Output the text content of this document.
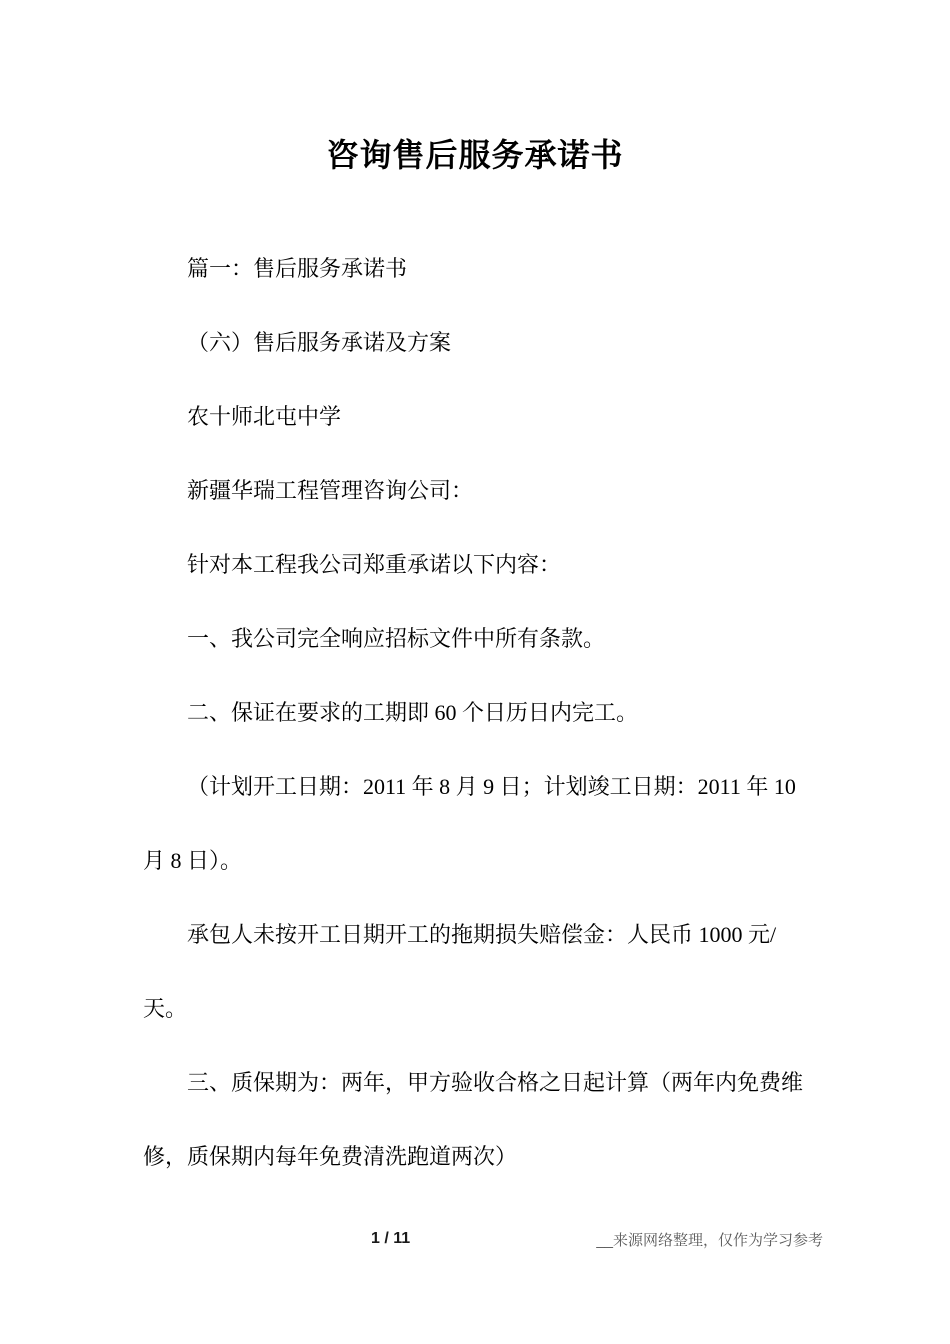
咨询售后服务承诺书
篇一：售后服务承诺书
（六）售后服务承诺及方案
农十师北屯中学
新疆华瑞工程管理咨询公司：
针对本工程我公司郑重承诺以下内容：
一、我公司完全响应招标文件中所有条款。
二、保证在要求的工期即 60 个日历日内完工。
（计划开工日期：2011 年 8 月 9 日；计划竣工日期：2011 年 10
月 8 日）。
承包人未按开工日期开工的拖期损失赔偿金：人民币 1000 元/
天。
三、质保期为：两年，甲方验收合格之日起计算（两年内免费维
修，质保期内每年免费清洗跑道两次）
1 / 11	__来源网络整理，仅作为学习参考
